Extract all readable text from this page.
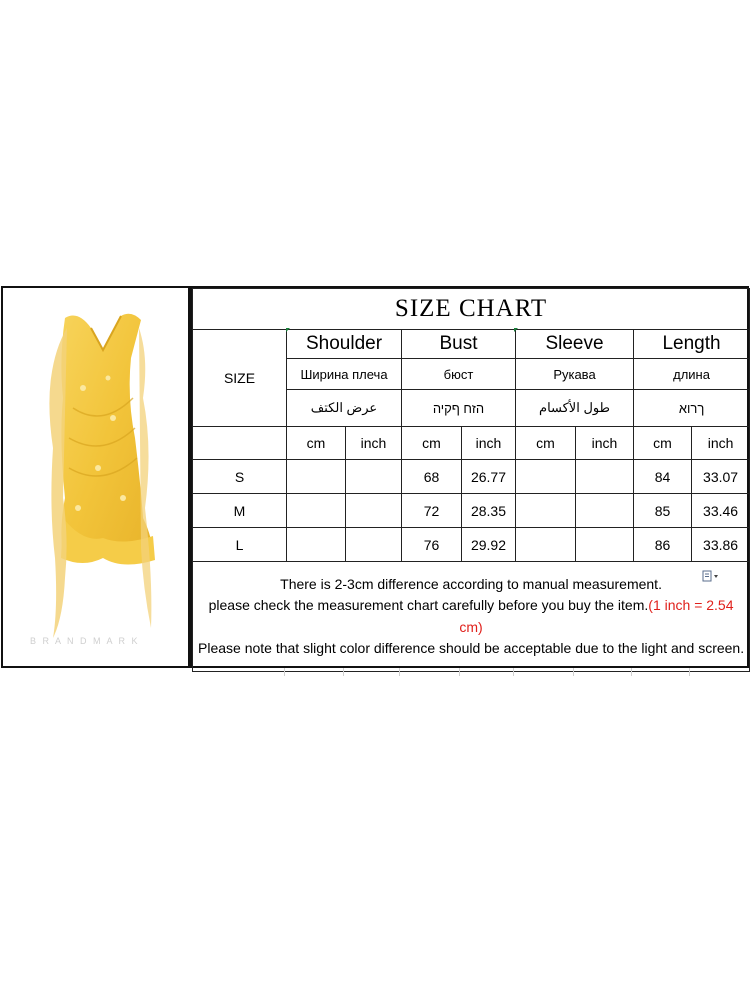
B R A N D M A R K
SIZE CHART								
SIZE	Shoulder		Bust		Sleeve		Length	
	Ширина плеча		бюст		Рукава		длина	
	عرض الكتف		הזח ףקיה		طول الأكسام		ךרוא	
	cm	inch	cm	inch	cm	inch	cm	inch
S			68	26.77			84	33.07
M			72	28.35			85	33.46
L			76	29.92			86	33.86

There is 2-3cm difference according to manual measurement.
please check the measurement chart carefully before you buy the item.(1 inch = 2.54 cm)
Please note that slight color difference should be acceptable due to the light and screen.								
